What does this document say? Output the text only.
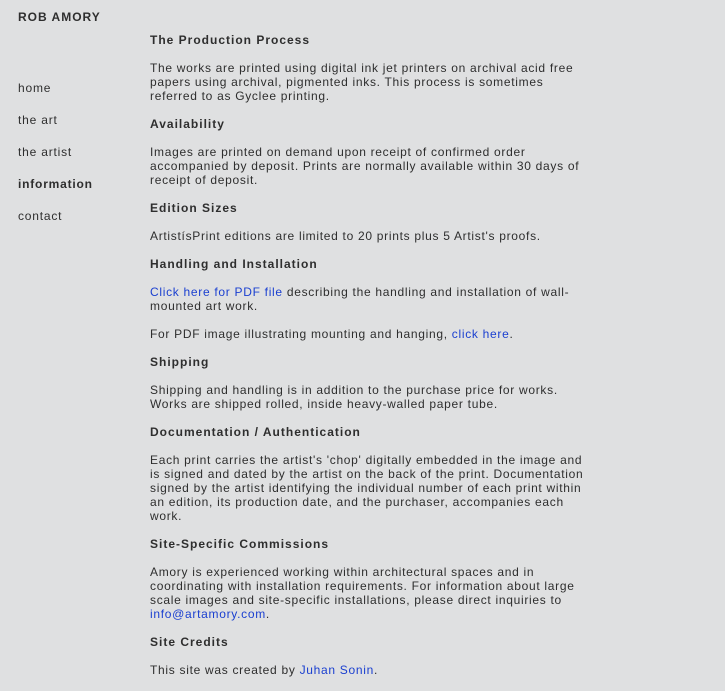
ROB AMORY
home
the art
the artist
information
contact
The Production Process

The works are printed using digital ink jet printers on archival acid free papers using archival, pigmented inks. This process is sometimes referred to as Gyclee printing.

Availability

Images are printed on demand upon receipt of confirmed order accompanied by deposit. Prints are normally available within 30 days of receipt of deposit.

Edition Sizes

ArtistísPrint editions are limited to 20 prints plus 5 Artist's proofs.

Handling and Installation

Click here for PDF file describing the handling and installation of wall-mounted art work.

For PDF image illustrating mounting and hanging, click here.

Shipping

Shipping and handling is in addition to the purchase price for works. Works are shipped rolled, inside heavy-walled paper tube.

Documentation / Authentication

Each print carries the artist's 'chop' digitally embedded in the image and is signed and dated by the artist on the back of the print. Documentation signed by the artist identifying the individual number of each print within an edition, its production date, and the purchaser, accompanies each work.

Site-Specific Commissions

Amory is experienced working within architectural spaces and in coordinating with installation requirements. For information about large scale images and site-specific installations, please direct inquiries to info@artamory.com.

Site Credits

This site was created by Juhan Sonin.
